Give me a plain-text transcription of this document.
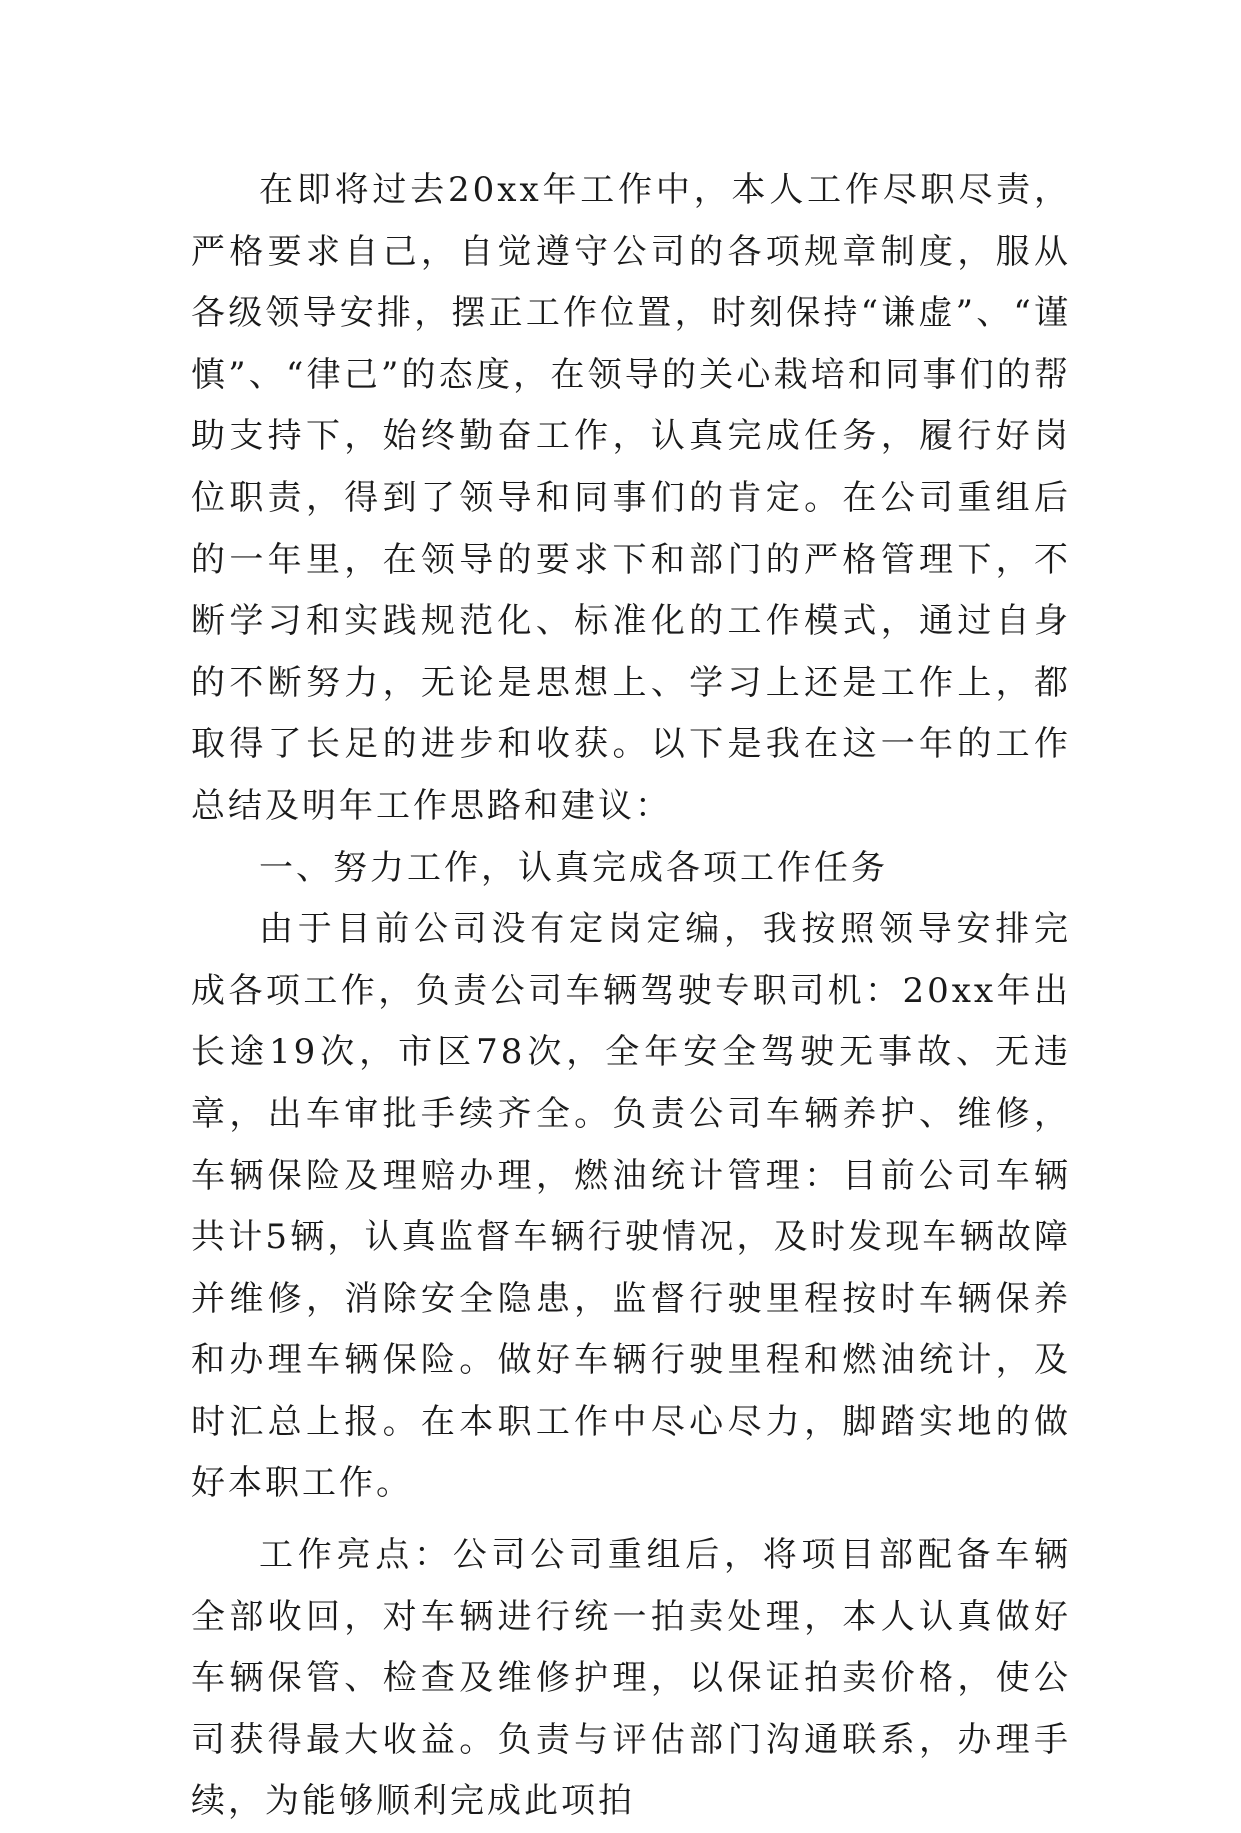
在即将过去20xx年工作中，本人工作尽职尽责，严格要求自己，自觉遵守公司的各项规章制度，服从各级领导安排，摆正工作位置，时刻保持“谦虚”、“谨慎”、“律己”的态度，在领导的关心栽培和同事们的帮助支持下，始终勤奋工作，认真完成任务，履行好岗位职责，得到了领导和同事们的肯定。在公司重组后的一年里，在领导的要求下和部门的严格管理下，不断学习和实践规范化、标准化的工作模式，通过自身的不断努力，无论是思想上、学习上还是工作上，都取得了长足的进步和收获。以下是我在这一年的工作总结及明年工作思路和建议：

一、努力工作，认真完成各项工作任务

由于目前公司没有定岗定编，我按照领导安排完成各项工作，负责公司车辆驾驶专职司机：20xx年出长途19次，市区78次，全年安全驾驶无事故、无违章，出车审批手续齐全。负责公司车辆养护、维修，车辆保险及理赔办理，燃油统计管理：目前公司车辆共计5辆，认真监督车辆行驶情况，及时发现车辆故障并维修，消除安全隐患，监督行驶里程按时车辆保养和办理车辆保险。做好车辆行驶里程和燃油统计，及时汇总上报。在本职工作中尽心尽力，脚踏实地的做好本职工作。

工作亮点：公司公司重组后，将项目部配备车辆全部收回，对车辆进行统一拍卖处理，本人认真做好车辆保管、检查及维修护理，以保证拍卖价格，使公司获得最大收益。负责与评估部门沟通联系，办理手续，为能够顺利完成此项拍
